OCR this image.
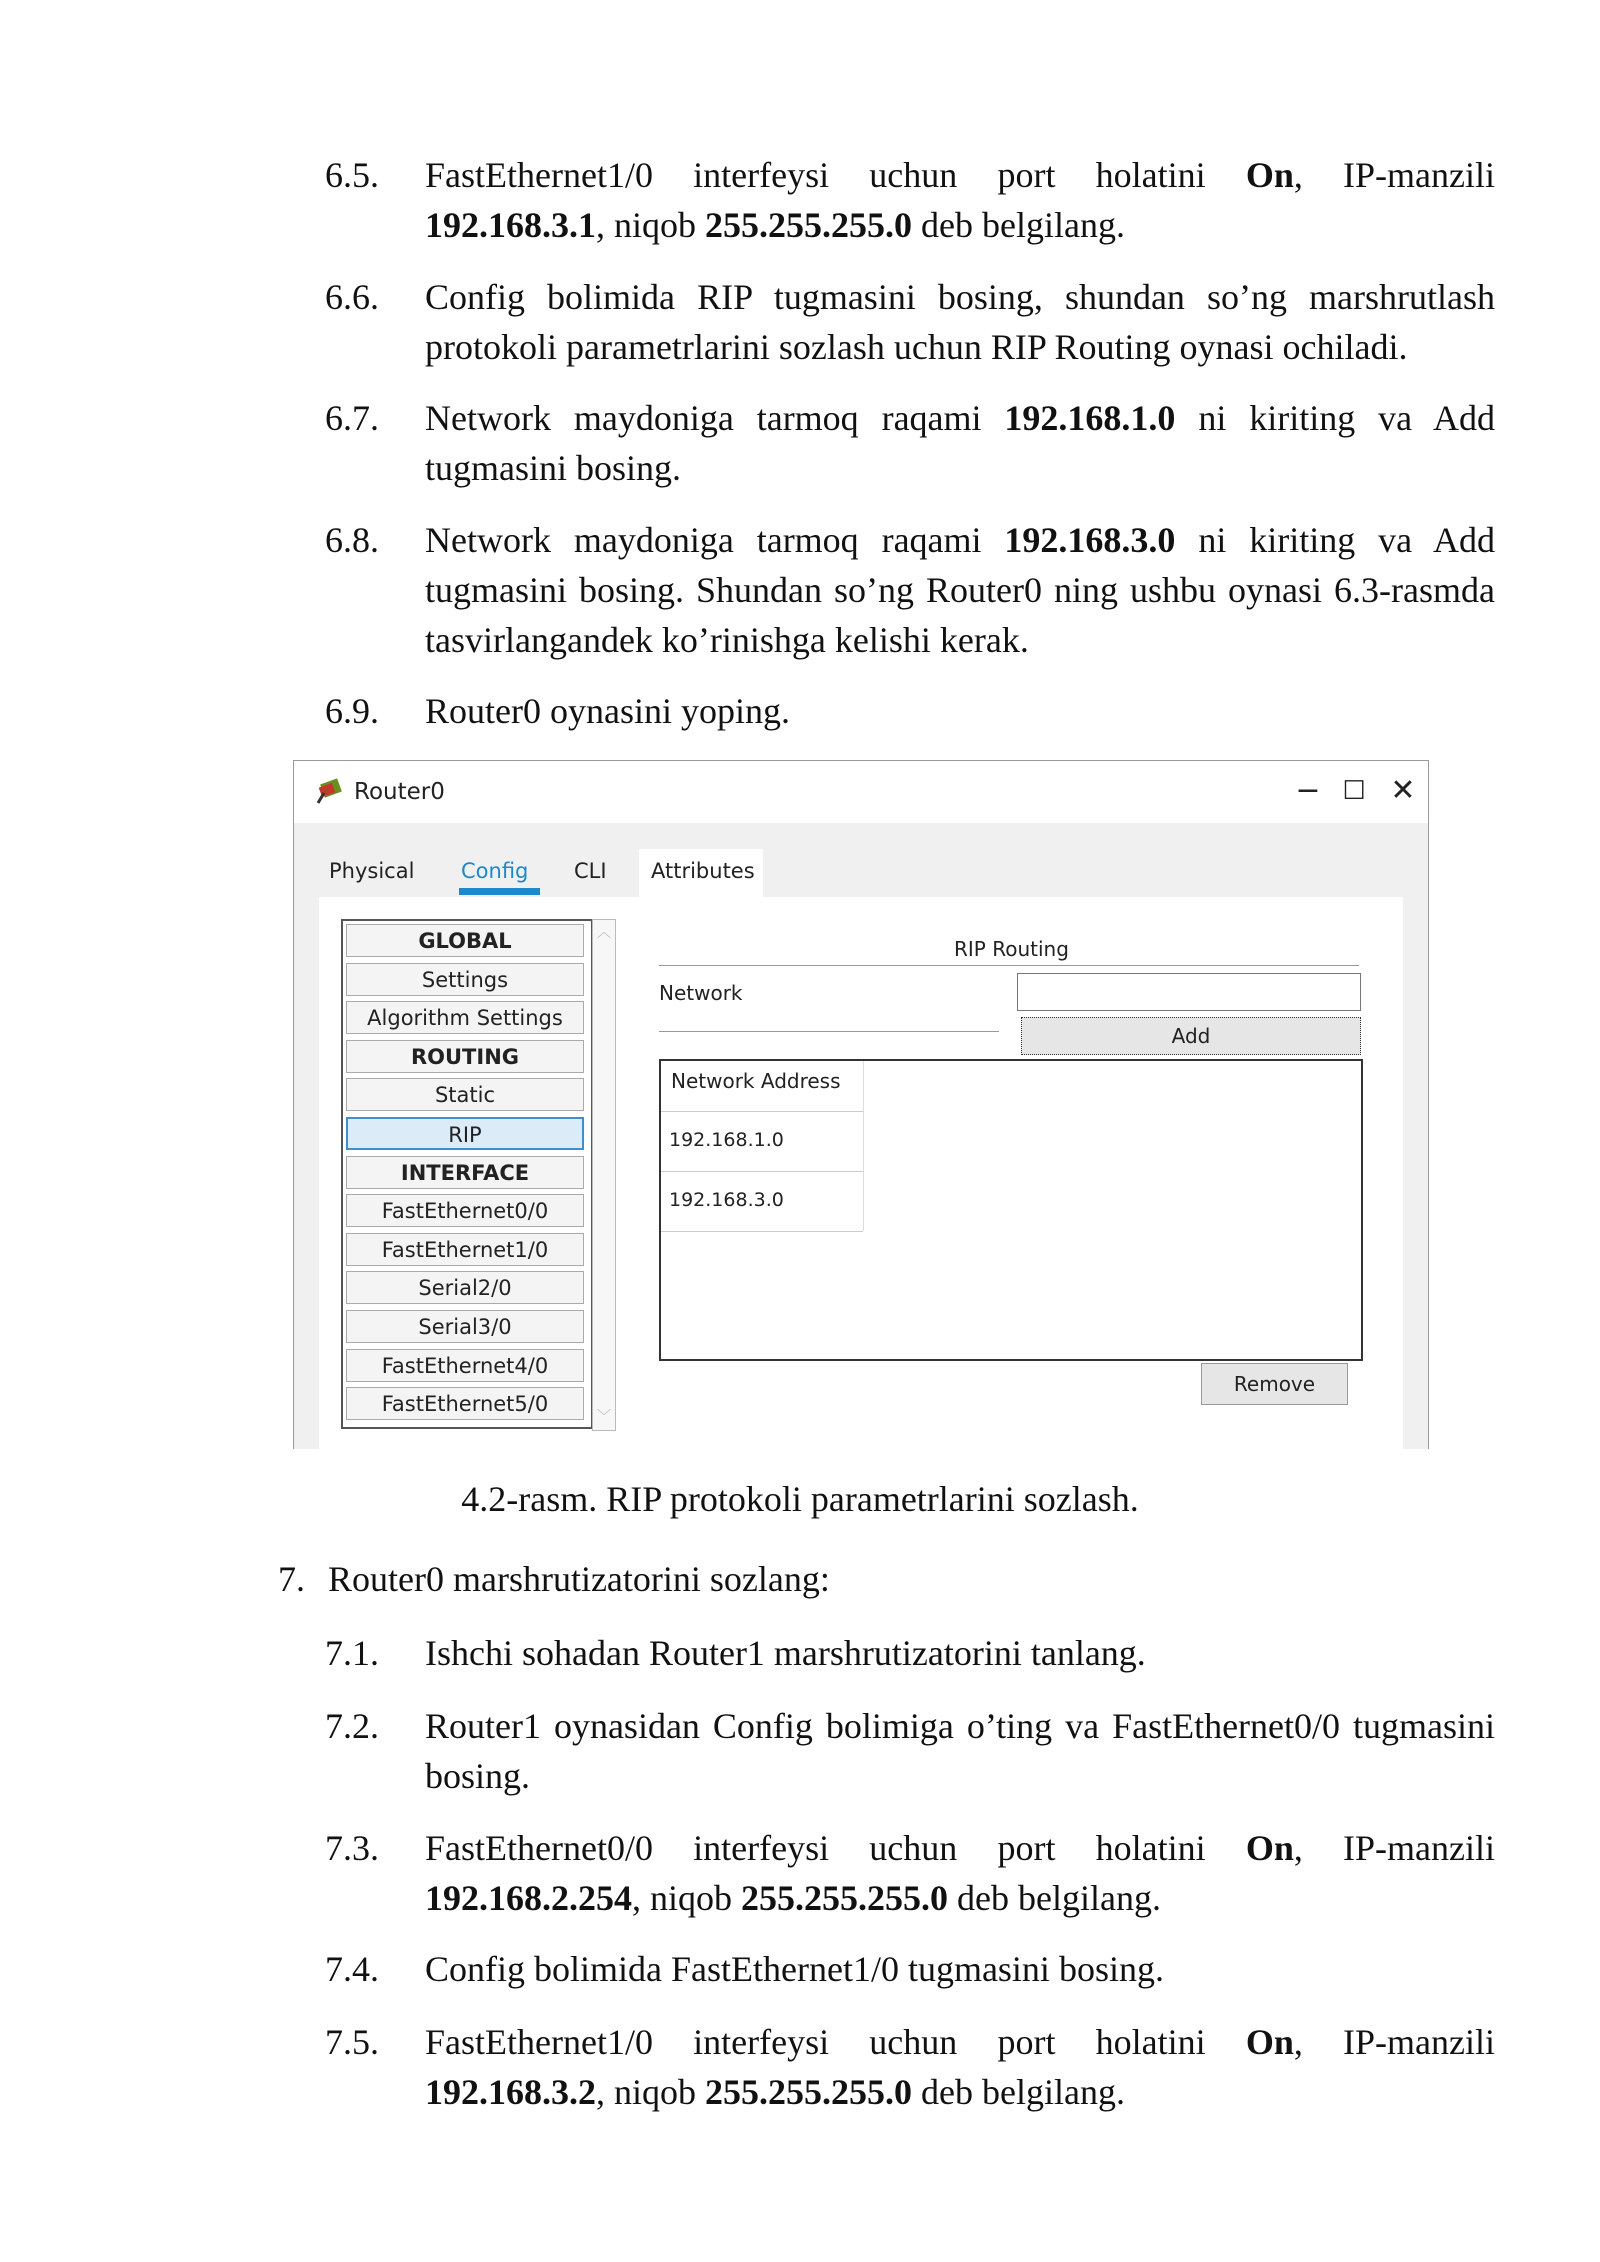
6.5. FastEthernet1/0 interfeysi uchun port holatini On, IP-manzili 192.168.3.1, niqob 255.255.255.0 deb belgilang.
6.6. Config bolimida RIP tugmasini bosing, shundan so’ng marshrutlash protokoli parametrlarini sozlash uchun RIP Routing oynasi ochiladi.
6.7. Network maydoniga tarmoq raqami 192.168.1.0 ni kiriting va Add tugmasini bosing.
6.8. Network maydoniga tarmoq raqami 192.168.3.0 ni kiriting va Add tugmasini bosing. Shundan so’ng Router0 ning ushbu oynasi 6.3-rasmda tasvirlangandek ko’rinishga kelishi kerak.
6.9. Router0 oynasini yoping.
Router0	− ☐ ✕
Physical	Config	CLI	Attributes
GLOBAL
Settings
Algorithm Settings
ROUTING
Static
RIP
INTERFACE
FastEthernet0/0
FastEthernet1/0
Serial2/0
Serial3/0
FastEthernet4/0
FastEthernet5/0
︿
﹀
RIP Routing
Network
Add
Network Address
192.168.1.0
192.168.3.0
Remove
4.2-rasm. RIP protokoli parametrlarini sozlash.
7. Router0 marshrutizatorini sozlang:
7.1. Ishchi sohadan Router1 marshrutizatorini tanlang.
7.2. Router1 oynasidan Config bolimiga o’ting va FastEthernet0/0 tugmasini bosing.
7.3. FastEthernet0/0 interfeysi uchun port holatini On, IP-manzili 192.168.2.254, niqob 255.255.255.0 deb belgilang.
7.4. Config bolimida FastEthernet1/0 tugmasini bosing.
7.5. FastEthernet1/0 interfeysi uchun port holatini On, IP-manzili 192.168.3.2, niqob 255.255.255.0 deb belgilang.
